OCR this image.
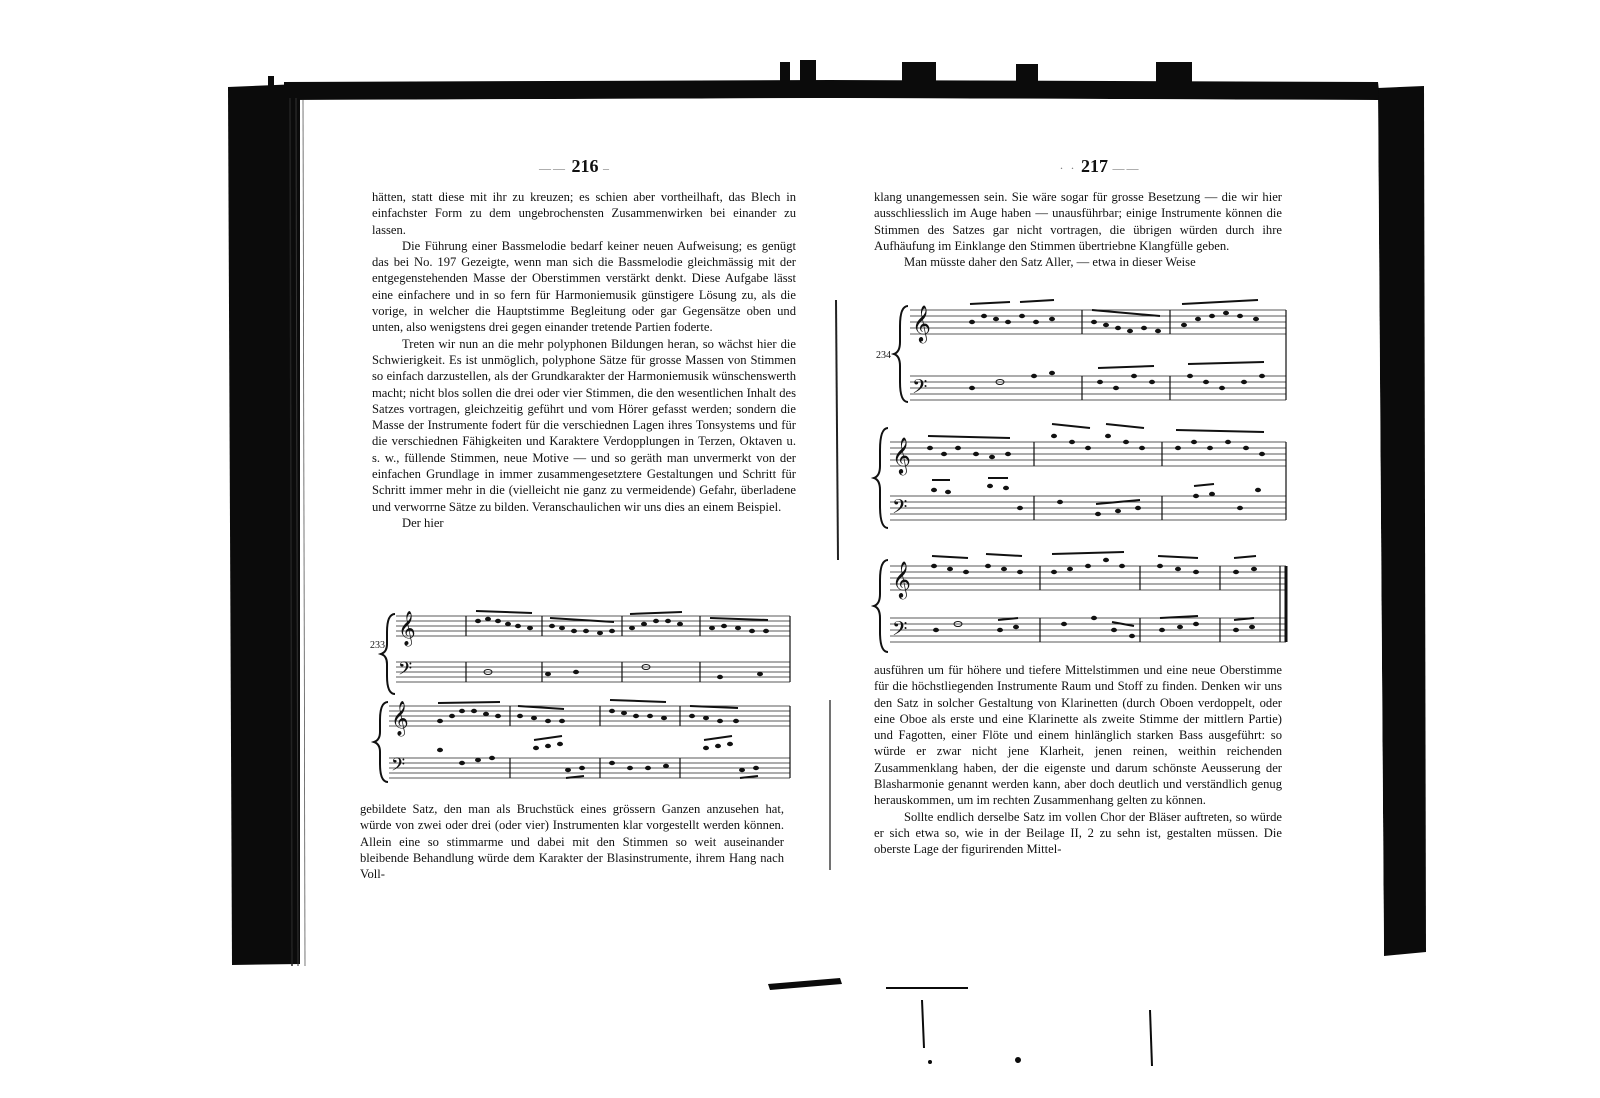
—— 216 –	· · 217 ——

hätten, statt diese mit ihr zu kreuzen; es schien aber vortheilhaft, das Blech in einfachster Form zu dem ungebrochensten Zusammenwirken bei einander zu lassen.

Die Führung einer Bassmelodie bedarf keiner neuen Aufweisung; es genügt das bei No. 197 Gezeigte, wenn man sich die Bassmelodie gleichmässig mit der entgegenstehenden Masse der Oberstimmen verstärkt denkt. Diese Aufgabe lässt eine einfachere und in so fern für Harmoniemusik günstigere Lösung zu, als die vorige, in welcher die Hauptstimme Begleitung oder gar Gegensätze oben und unten, also wenigstens drei gegen einander tretende Partien foderte.

Treten wir nun an die mehr polyphonen Bildungen heran, so wächst hier die Schwierigkeit. Es ist unmöglich, polyphone Sätze für grosse Massen von Stimmen so einfach darzustellen, als der Grundkarakter der Harmoniemusik wünschenswerth macht; nicht blos sollen die drei oder vier Stimmen, die den wesentlichen Inhalt des Satzes vortragen, gleichzeitig geführt und vom Hörer gefasst werden; sondern die Masse der Instrumente fodert für die verschiednen Lagen ihres Tonsystems und für die verschiednen Fähigkeiten und Karaktere Verdopplungen in Terzen, Oktaven u. s. w., füllende Stimmen, neue Motive — und so geräth man unvermerkt von der einfachen Grundlage in immer zusammengesetztere Gestaltungen und Schritt für Schritt immer mehr in die (vielleicht nie ganz zu vermeidende) Gefahr, überladene und verworrne Sätze zu bilden. Veranschaulichen wir uns dies an einem Beispiel.

Der hier

233 𝄞
𝄢
𝄞
𝄢

gebildete Satz, den man als Bruchstück eines grössern Ganzen anzusehen hat, würde von zwei oder drei (oder vier) Instrumenten klar vorgestellt werden können. Allein eine so stimmarme und dabei mit den Stimmen so weit auseinander bleibende Behandlung würde dem Karakter der Blasinstrumente, ihrem Hang nach Voll-

klang unangemessen sein. Sie wäre sogar für grosse Besetzung — die wir hier ausschliesslich im Auge haben — unausführbar; einige Instrumente können die Stimmen des Satzes gar nicht vortragen, die übrigen würden durch ihre Aufhäufung im Einklange den Stimmen übertriebne Klangfülle geben.

Man müsste daher den Satz Aller, — etwa in dieser Weise

234
𝄞
𝄢
𝄞
𝄢
𝄞
𝄢

ausführen um für höhere und tiefere Mittelstimmen und eine neue Oberstimme für die höchstliegenden Instrumente Raum und Stoff zu finden. Denken wir uns den Satz in solcher Gestaltung von Klarinetten (durch Oboen verdoppelt, oder eine Oboe als erste und eine Klarinette als zweite Stimme der mittlern Partie) und Fagotten, einer Flöte und einem hinlänglich starken Bass ausgeführt: so würde er zwar nicht jene Klarheit, jenen reinen, weithin reichenden Zusammenklang haben, der die eigenste und darum schönste Aeusserung der Blasharmonie genannt werden kann, aber doch deutlich und verständlich genug herauskommen, um im rechten Zusammenhang gelten zu können.

Sollte endlich derselbe Satz im vollen Chor der Bläser auftreten, so würde er sich etwa so, wie in der Beilage II, 2 zu sehn ist, gestalten müssen. Die oberste Lage der figurirenden Mittel-
